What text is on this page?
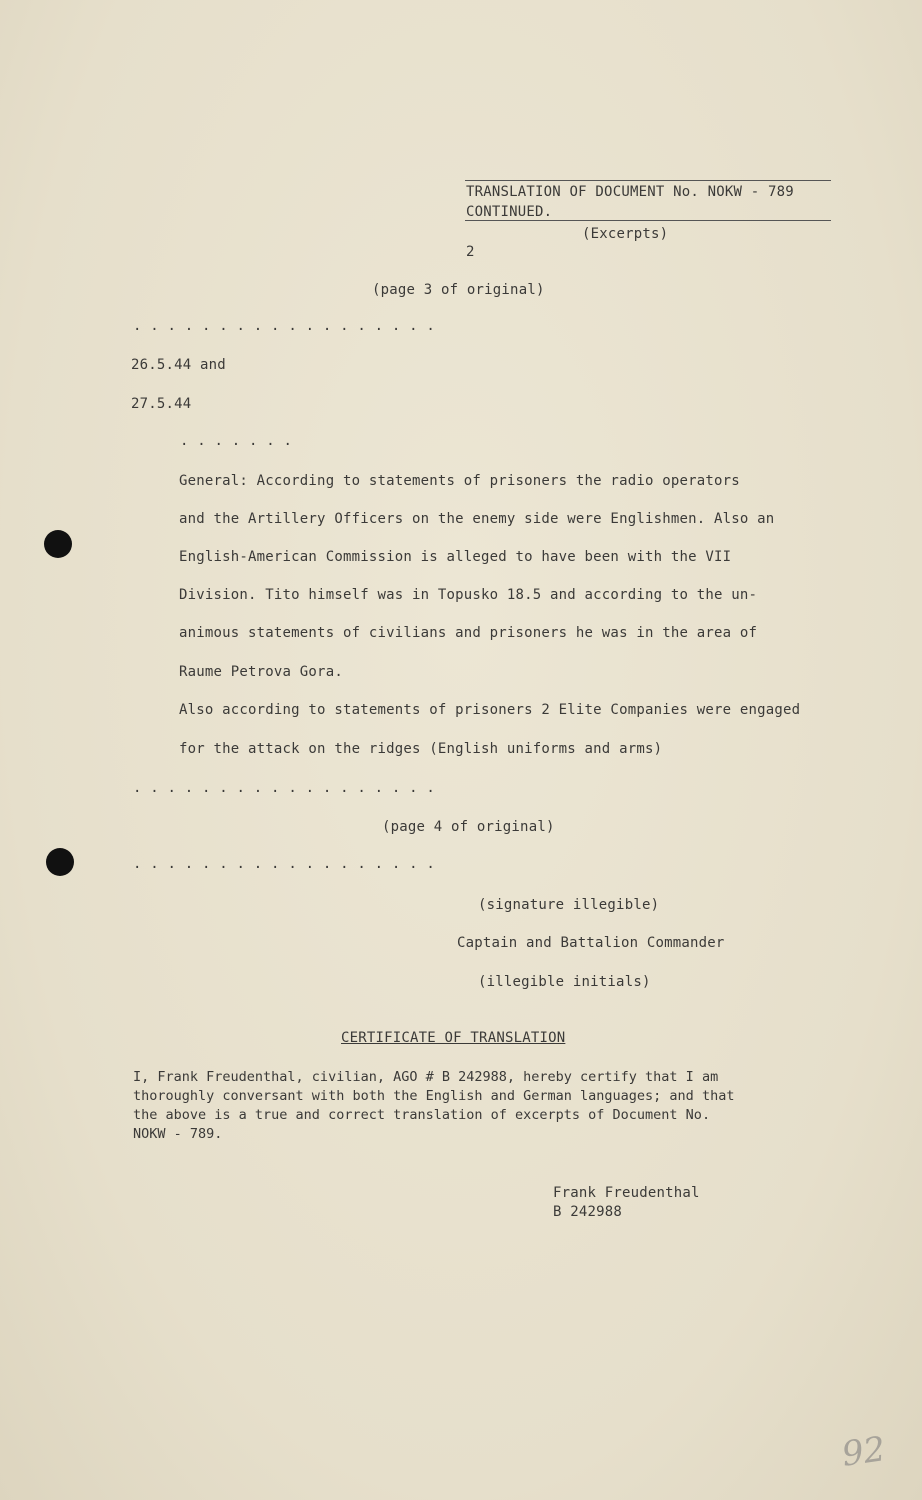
TRANSLATION OF DOCUMENT No. NOKW - 789

CONTINUED.

(Excerpts)

2

(page 3 of original)

. . . . . . . . . . . . . . . . . .

26.5.44 and

27.5.44

. . . . . . .

General: According to statements of prisoners the radio operators

and the Artillery Officers on the enemy side were Englishmen. Also an

English-American Commission is alleged to have been with the VII

Division. Tito himself was in Topusko 18.5 and according to the un-

animous statements of civilians and prisoners he was in the area of

Raume Petrova Gora.

Also according to statements of prisoners 2 Elite Companies were engaged

for the attack on the ridges (English uniforms and arms)

. . . . . . . . . . . . . . . . . .

(page 4 of original)

. . . . . . . . . . . . . . . . . .

(signature illegible)

Captain and Battalion Commander

(illegible initials)

CERTIFICATE OF TRANSLATION

I, Frank Freudenthal, civilian, AGO # B 242988, hereby certify that I am

thoroughly conversant with both the English and German languages; and that

the above is a true and correct translation of excerpts of Document No.

NOKW - 789.

Frank Freudenthal

B 242988

92
